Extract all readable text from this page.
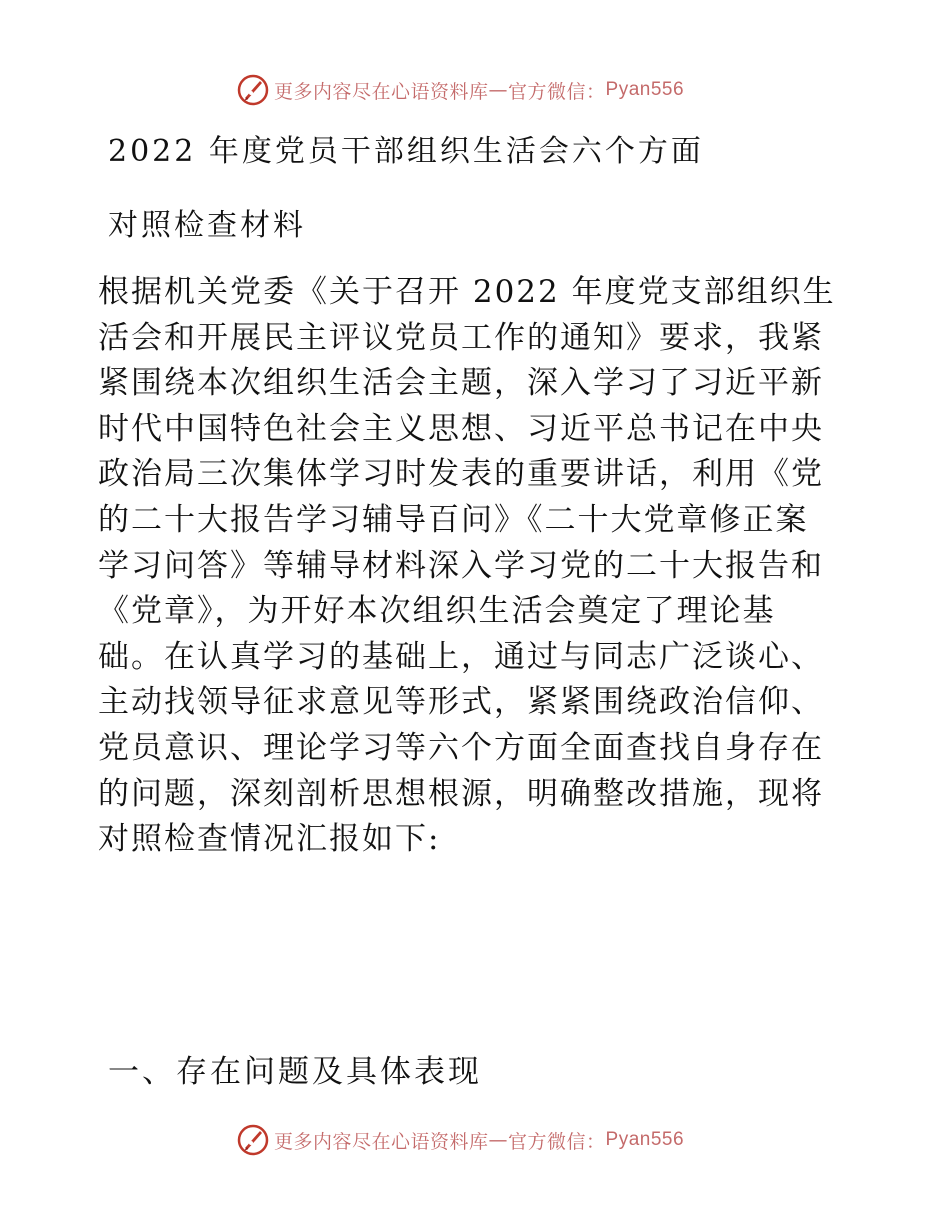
更多内容尽在心语资料库 — 官方微信： Pyan556
2022 年度党员干部组织生活会六个方面
对照检查材料
根据机关党委《关于召开 2022 年度党支部组织生
活会和开展民主评议党员工作的通知》要求，我紧
紧围绕本次组织生活会主题，深入学习了习近平新
时代中国特色社会主义思想、习近平总书记在中央
政治局三次集体学习时发表的重要讲话，利用《党
的二十大报告学习辅导百问》《二十大党章修正案
学习问答》等辅导材料深入学习党的二十大报告和
《党章》，为开好本次组织生活会奠定了理论基
础。在认真学习的基础上，通过与同志广泛谈心、
主动找领导征求意见等形式，紧紧围绕政治信仰、
党员意识、理论学习等六个方面全面查找自身存在
的问题，深刻剖析思想根源，明确整改措施，现将
对照检查情况汇报如下:
一、存在问题及具体表现
更多内容尽在心语资料库 — 官方微信： Pyan556
